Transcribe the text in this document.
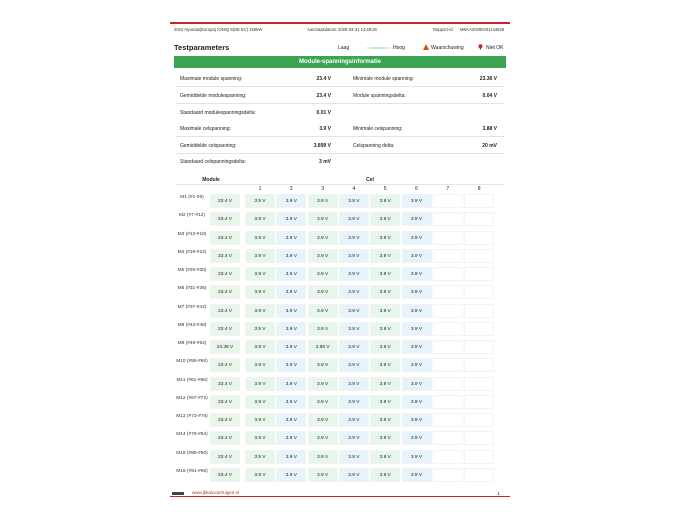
2022 Hyundai(Europa) IONIQ 5(NE EV) 150kW	Aanmaakdatum: 2026-03-31 14:48:26	Rapport-id: MKKA20260331144826
Testparameters	Laag	Hoog	Waarschuwing	Niet OK
Module-spanningsinformatie
Maximale module spanning:	23.4 V
Gemiddelde modulespanning:	23.4 V
Standaard modulespanningsdelta:	0.01 V
Maximale celspanning:	3.9 V
Gemiddelde celspanning:	3.899 V
Standaard celspanningsdelta:	3 mV
Minimale module spanning:	23.36 V
Module spanningsdelta:	0.04 V
Minimale celspanning:	3.88 V
Celspanning delta:	20 mV
Module	Cel
1	2	3	4	5	6	7	8
M1 (#1-#6)
23.4 V	3.9 V	3.9 V	3.9 V	3.9 V	3.9 V	3.9 V
M2 (#7-#12)
23.4 V	3.9 V	3.9 V	3.9 V	3.9 V	3.9 V	3.9 V
M3 (#13-#18)
23.4 V	3.9 V	3.9 V	3.9 V	3.9 V	3.9 V	3.9 V
M4 (#19-#24)
23.4 V	3.9 V	3.9 V	3.9 V	3.9 V	3.9 V	3.9 V
M5 (#25-#30)
23.4 V	3.9 V	3.9 V	3.9 V	3.9 V	3.9 V	3.9 V
M6 (#31-#36)
23.4 V	3.9 V	3.9 V	3.9 V	3.9 V	3.9 V	3.9 V
M7 (#37-#42)
23.4 V	3.9 V	3.9 V	3.9 V	3.9 V	3.9 V	3.9 V
M8 (#43-#48)
23.4 V	3.9 V	3.9 V	3.9 V	3.9 V	3.9 V	3.9 V
M9 (#49-#54)
23.38 V	3.9 V	3.9 V	3.88 V	3.9 V	3.9 V	3.9 V
M10 (#55-#60)
23.4 V	3.9 V	3.9 V	3.9 V	3.9 V	3.9 V	3.9 V
M11 (#61-#66)
23.4 V	3.9 V	3.9 V	3.9 V	3.9 V	3.9 V	3.9 V
M12 (#67-#72)
23.4 V	3.9 V	3.9 V	3.9 V	3.9 V	3.9 V	3.9 V
M13 (#73-#78)
23.4 V	3.9 V	3.9 V	3.9 V	3.9 V	3.9 V	3.9 V
M14 (#79-#84)
23.4 V	3.9 V	3.9 V	3.9 V	3.9 V	3.9 V	3.9 V
M15 (#85-#90)
23.4 V	3.9 V	3.9 V	3.9 V	3.9 V	3.9 V	3.9 V
M16 (#91-#96)
23.4 V	3.9 V	3.9 V	3.9 V	3.9 V	3.9 V	3.9 V
www.jbkasvoertuigen.nl	1
